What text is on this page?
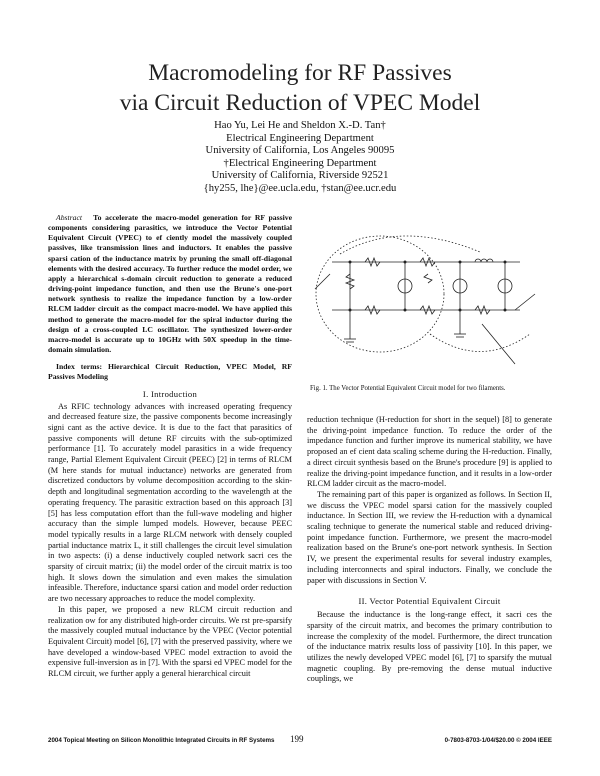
Macromodeling for RF Passives
via Circuit Reduction of VPEC Model
Hao Yu, Lei He and Sheldon X.-D. Tan†
Electrical Engineering Department
University of California, Los Angeles 90095
†Electrical Engineering Department
University of California, Riverside 92521
{hy255, lhe}@ee.ucla.edu, †stan@ee.ucr.edu

Abstract To accelerate the macro-model generation for RF passive components considering parasitics, we introduce the Vector Potential Equivalent Circuit (VPEC) to ef ciently model the massively coupled passives, like transmission lines and inductors. It enables the passive sparsi cation of the inductance matrix by pruning the small off-diagonal elements with the desired accuracy. To further reduce the model order, we apply a hierarchical s-domain circuit reduction to generate a reduced driving-point impedance function, and then use the Brune's one-port network synthesis to realize the impedance function by a low-order RLCM ladder circuit as the compact macro-model. We have applied this method to generate the macro-model for the spiral inductor during the design of a cross-coupled LC oscillator. The synthesized lower-order macro-model is accurate up to 10GHz with 50X speedup in the time-domain simulation.

Index terms: Hierarchical Circuit Reduction, VPEC Model, RF Passives Modeling
I. Introduction

As RFIC technology advances with increased operating frequency and decreased feature size, the passive components become increasingly signi cant as the active device. It is due to the fact that parasitics of passive components will detune RF circuits with the sub-optimized performance [1]. To accurately model parasitics in a wide frequency range, Partial Element Equivalent Circuit (PEEC) [2] in terms of RLCM (M here stands for mutual inductance) networks are generated from discretized conductors by volume decomposition according to the skin-depth and longitudinal segmentation according to the wavelength at the operating frequency. The parasitic extraction based on this approach [3] [5] has less computation effort than the full-wave modeling and higher accuracy than the simple lumped models. However, because PEEC model typically results in a large RLCM network with densely coupled partial inductance matrix L, it still challenges the circuit level simulation in two aspects: (i) a dense inductively coupled network sacri ces the sparsity of circuit matrix; (ii) the model order of the circuit matrix is too high. It slows down the simulation and even makes the simulation infeasible. Therefore, inductance sparsi cation and model order reduction are two necessary approaches to reduce the model complexity.

In this paper, we proposed a new RLCM circuit reduction and realization ow for any distributed high-order circuits. We rst pre-sparsify the massively coupled mutual inductance by the VPEC (Vector potential Equivalent Circuit) model [6], [7] with the preserved passivity, where we have developed a window-based VPEC model extraction to avoid the expensive full-inversion as in [7]. With the sparsi ed VPEC model for the RLCM circuit, we further apply a general hierarchical circuit

Fig. 1. The Vector Potential Equivalent Circuit model for two filaments.

reduction technique (H-reduction for short in the sequel) [8] to generate the driving-point impedance function. To reduce the order of the impedance function and further improve its numerical stability, we have proposed an ef cient data scaling scheme during the H-reduction. Finally, a direct circuit synthesis based on the Brune's procedure [9] is applied to realize the driving-point impedance function, and it results in a low-order RLCM ladder circuit as the macro-model.

The remaining part of this paper is organized as follows. In Section II, we discuss the VPEC model sparsi cation for the massively coupled inductance. In Section III, we review the H-reduction with a dynamical scaling technique to generate the numerical stable and reduced driving-point impedance function. Furthermore, we present the macro-model realization based on the Brune's one-port network synthesis. In Section IV, we present the experimental results for several industry examples, including interconnects and spiral inductors. Finally, we conclude the paper with discussions in Section V.

II. Vector Potential Equivalent Circuit

Because the inductance is the long-range effect, it sacri ces the sparsity of the circuit matrix, and becomes the primary contribution to increase the complexity of the model. Furthermore, the direct truncation of the inductance matrix results loss of passivity [10]. In this paper, we utilizes the newly developed VPEC model [6], [7] to sparsify the mutual magnetic coupling. By pre-removing the dense mutual inductive couplings, we

2004 Topical Meeting on Silicon Monolithic Integrated Circuits in RF Systems 199	0-7803-8703-1/04/$20.00 © 2004 IEEE
